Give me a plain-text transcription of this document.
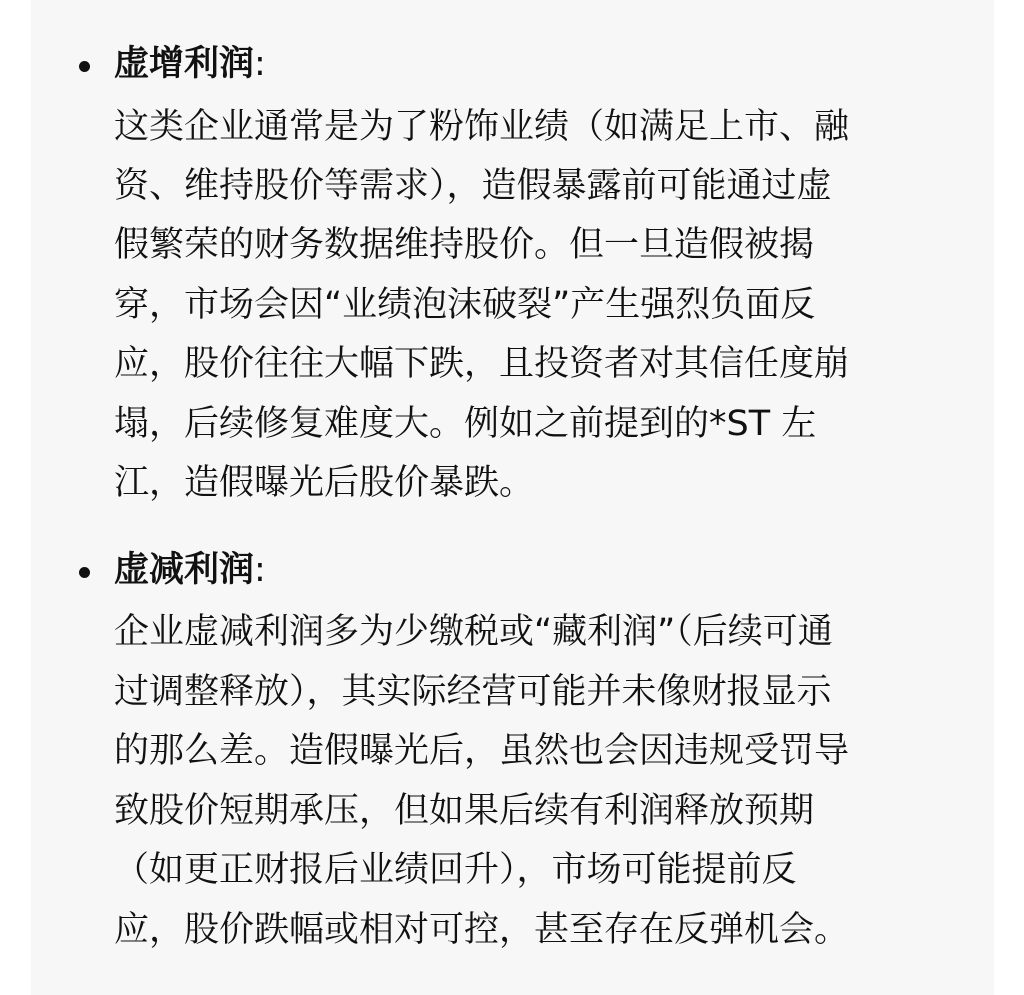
虚增利润:
这类企业通常是为了粉饰业绩（如满足上市、融
资、维持股价等需求），造假暴露前可能通过虚
假繁荣的财务数据维持股价。但一旦造假被揭
穿，市场会因“业绩泡沫破裂”产生强烈负面反
应，股价往往大幅下跌，且投资者对其信任度崩
塌，后续修复难度大。例如之前提到的*ST 左
江，造假曝光后股价暴跌。
虚减利润:
企业虚减利润多为少缴税或“藏利润”（后续可通
过调整释放），其实际经营可能并未像财报显示
的那么差。造假曝光后，虽然也会因违规受罚导
致股价短期承压，但如果后续有利润释放预期
（如更正财报后业绩回升），市场可能提前反
应，股价跌幅或相对可控，甚至存在反弹机会。
